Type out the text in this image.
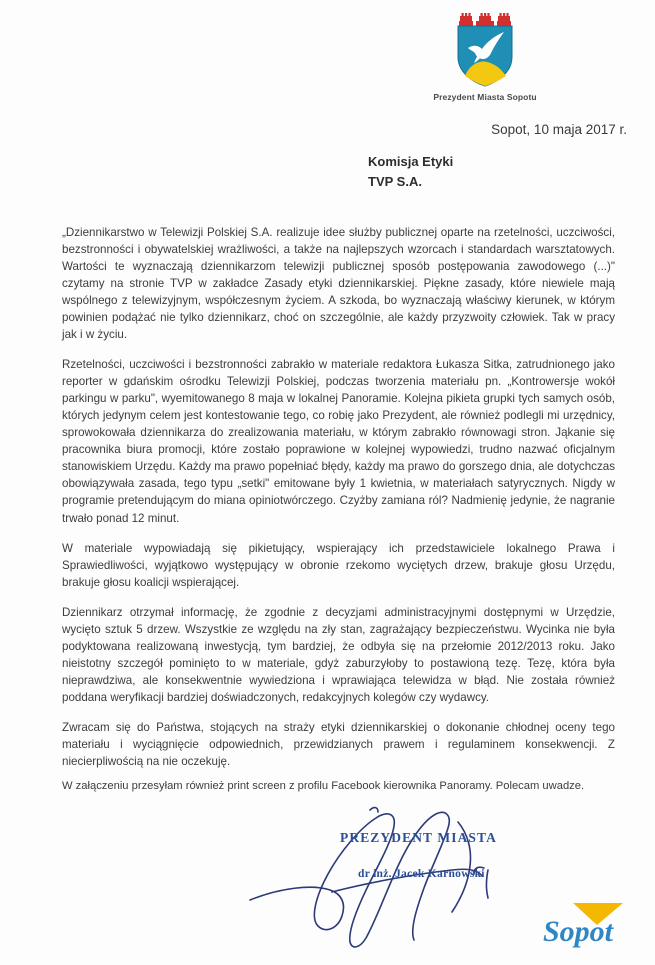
Prezydent Miasta Sopotu
Sopot, 10 maja 2017 r.
Komisja Etyki
TVP S.A.

„Dziennikarstwo w Telewizji Polskiej S.A. realizuje idee służby publicznej oparte na rzetelności, uczciwości, bezstronności i obywatelskiej wrażliwości, a także na najlepszych wzorcach i standardach warsztatowych. Wartości te wyznaczają dziennikarzom telewizji publicznej sposób postępowania zawodowego (...)" czytamy na stronie TVP w zakładce Zasady etyki dziennikarskiej. Piękne zasady, które niewiele mają wspólnego z telewizyjnym, współczesnym życiem. A szkoda, bo wyznaczają właściwy kierunek, w którym powinien podążać nie tylko dziennikarz, choć on szczególnie, ale każdy przyzwoity człowiek. Tak w pracy jak i w życiu.

Rzetelności, uczciwości i bezstronności zabrakło w materiale redaktora Łukasza Sitka, zatrudnionego jako reporter w gdańskim ośrodku Telewizji Polskiej, podczas tworzenia materiału pn. „Kontrowersje wokół parkingu w parku", wyemitowanego 8 maja w lokalnej Panoramie. Kolejna pikieta grupki tych samych osób, których jedynym celem jest kontestowanie tego, co robię jako Prezydent, ale również podlegli mi urzędnicy, sprowokowała dziennikarza do zrealizowania materiału, w którym zabrakło równowagi stron. Jąkanie się pracownika biura promocji, które zostało poprawione w kolejnej wypowiedzi, trudno nazwać oficjalnym stanowiskiem Urzędu. Każdy ma prawo popełniać błędy, każdy ma prawo do gorszego dnia, ale dotychczas obowiązywała zasada, tego typu „setki" emitowane były 1 kwietnia, w materiałach satyrycznych. Nigdy w programie pretendującym do miana opiniotwórczego. Czyżby zamiana ról? Nadmienię jedynie, że nagranie trwało ponad 12 minut.

W materiale wypowiadają się pikietujący, wspierający ich przedstawiciele lokalnego Prawa i Sprawiedliwości, wyjątkowo występujący w obronie rzekomo wyciętych drzew, brakuje głosu Urzędu, brakuje głosu koalicji wspierającej.

Dziennikarz otrzymał informację, że zgodnie z decyzjami administracyjnymi dostępnymi w Urzędzie, wycięto sztuk 5 drzew. Wszystkie ze względu na zły stan, zagrażający bezpieczeństwu. Wycinka nie była podyktowana realizowaną inwestycją, tym bardziej, że odbyła się na przełomie 2012/2013 roku. Jako nieistotny szczegół pominięto to w materiale, gdyż zaburzyłoby to postawioną tezę. Tezę, która była nieprawdziwa, ale konsekwentnie wywiedziona i wprawiająca telewidza w błąd. Nie została również poddana weryfikacji bardziej doświadczonych, redakcyjnych kolegów czy wydawcy.

Zwracam się do Państwa, stojących na straży etyki dziennikarskiej o dokonanie chłodnej oceny tego materiału i wyciągnięcie odpowiednich, przewidzianych prawem i regulaminem konsekwencji. Z niecierpliwością na nie oczekuję.

W załączeniu przesyłam również print screen z profilu Facebook kierownika Panoramy. Polecam uwadze.
PREZYDENT MIASTA
dr inż. Jacek Karnowski
Sopot
